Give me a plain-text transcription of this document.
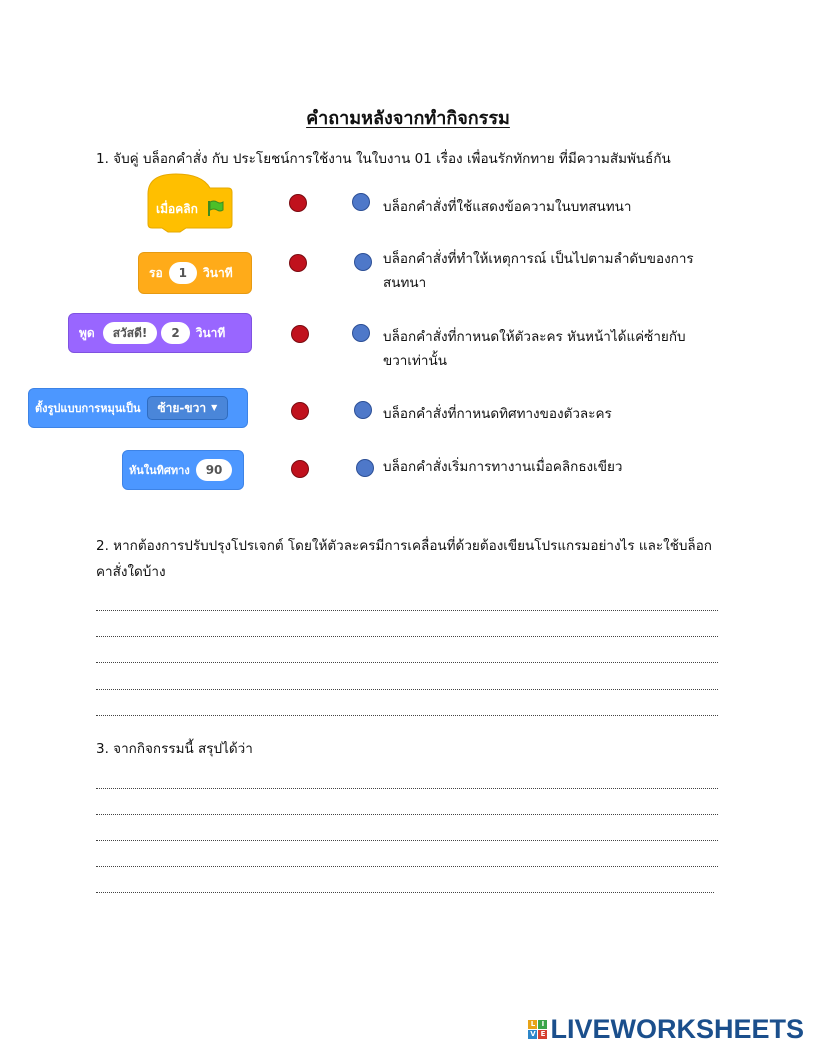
คำถามหลังจากทำกิจกรรม
1. จับคู่ บล็อกคำสั่ง กับ ประโยชน์การใช้งาน ในใบงาน 01 เรื่อง เพื่อนรักทักทาย ที่มีความสัมพันธ์กัน
เมื่อคลิก
รอ	1	วินาที
พูด	สวัสดี!	2	วินาที
ตั้งรูปแบบการหมุนเป็น ซ้าย-ขวา ▼
หันในทิศทาง	90
บล็อกคำสั่งที่ใช้แสดงข้อความในบทสนทนา
บล็อกคำสั่งที่ทำให้เหตุการณ์ เป็นไปตามลำดับของการสนทนา
บล็อกคำสั่งที่กาหนดให้ตัวละคร หันหน้าได้แค่ซ้ายกับขวาเท่านั้น
บล็อกคำสั่งที่กาหนดทิศทางของตัวละคร
บล็อกคำสั่งเริ่มการทางานเมื่อคลิกธงเขียว
2. หากต้องการปรับปรุงโปรเจกต์ โดยให้ตัวละครมีการเคลื่อนที่ด้วยต้องเขียนโปรแกรมอย่างไร และใช้บล็อกคาสั่งใดบ้าง
3. จากกิจกรรมนี้ สรุปได้ว่า
L I
V E LIVEWORKSHEETS
